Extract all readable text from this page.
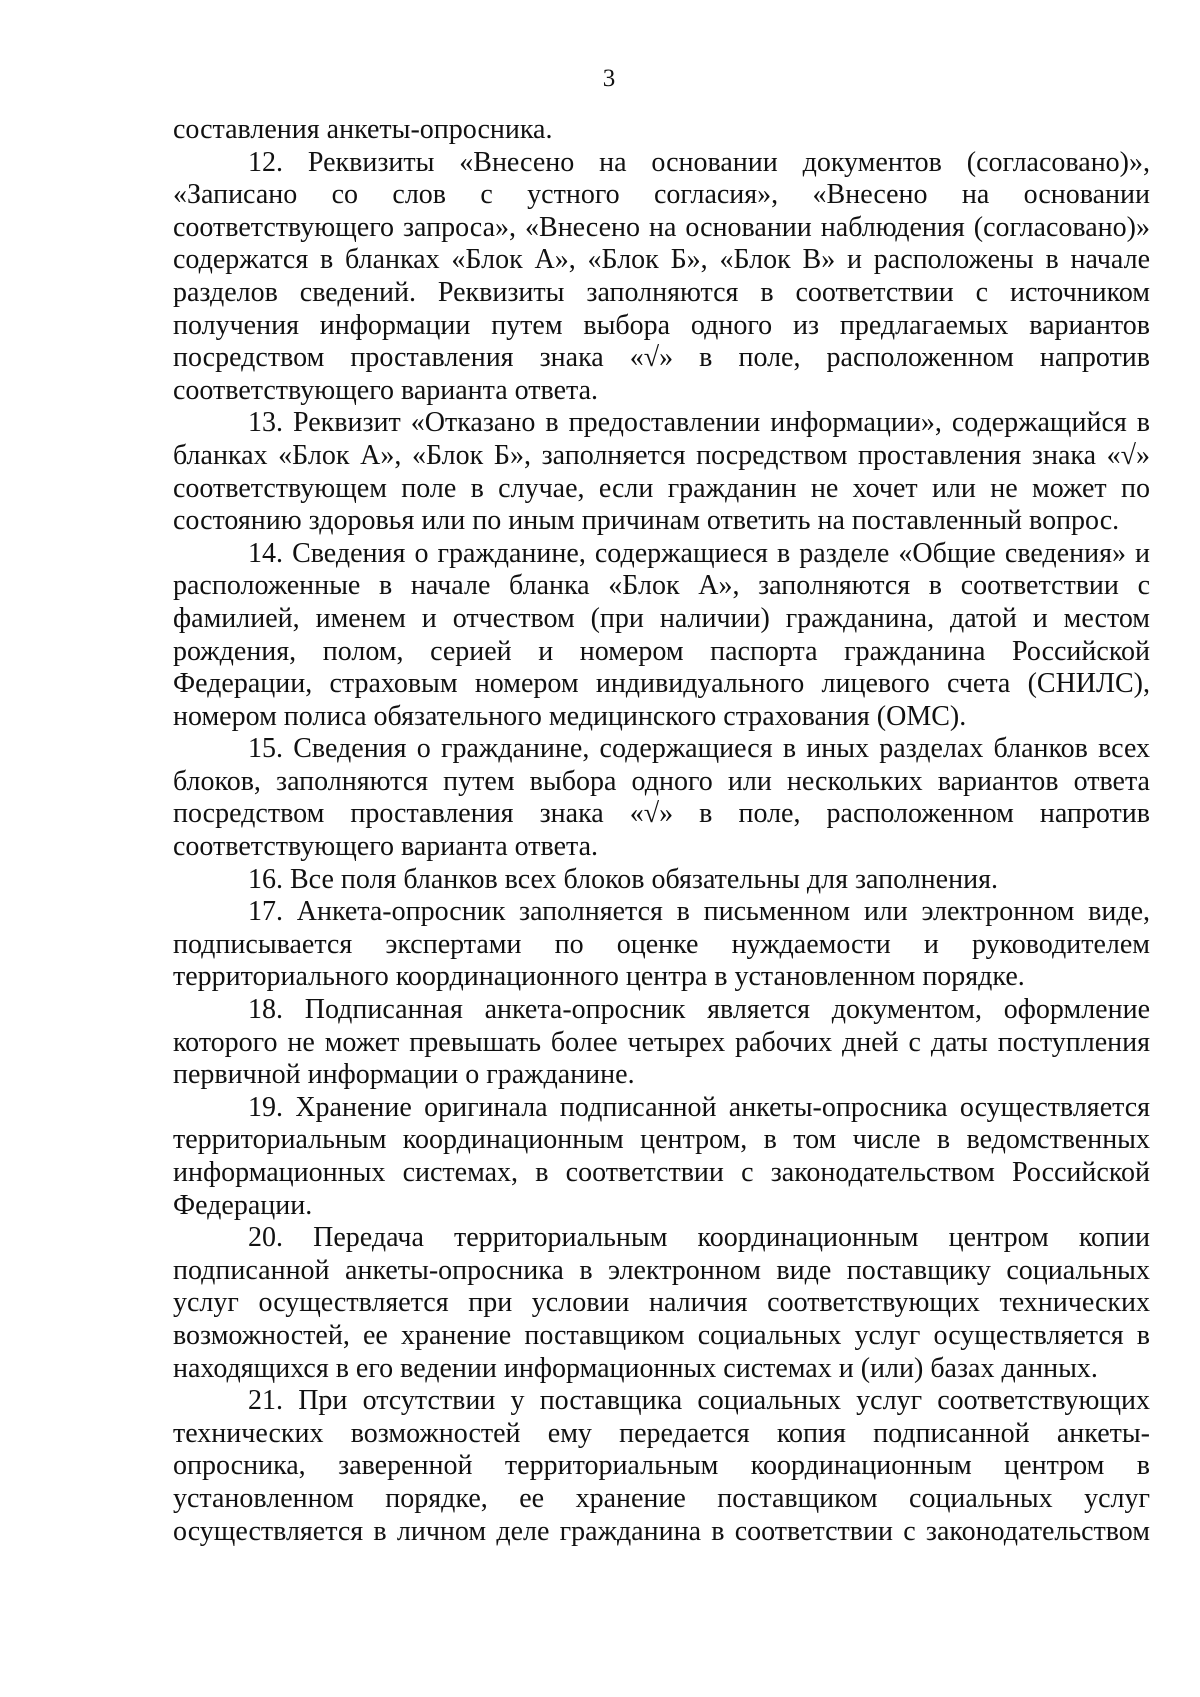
3

составления анкеты-опросника.

12. Реквизиты «Внесено на основании документов (согласовано)», «Записано со слов с устного согласия», «Внесено на основании соответствующего запроса», «Внесено на основании наблюдения (согласовано)» содержатся в бланках «Блок А», «Блок Б», «Блок В» и расположены в начале разделов сведений. Реквизиты заполняются в соответствии с источником получения информации путем выбора одного из предлагаемых вариантов посредством проставления знака «√» в поле, расположенном напротив соответствующего варианта ответа.

13. Реквизит «Отказано в предоставлении информации», содержащийся в бланках «Блок А», «Блок Б», заполняется посредством проставления знака «√» соответствующем поле в случае, если гражданин не хочет или не может по состоянию здоровья или по иным причинам ответить на поставленный вопрос.

14. Сведения о гражданине, содержащиеся в разделе «Общие сведения» и расположенные в начале бланка «Блок А», заполняются в соответствии с фамилией, именем и отчеством (при наличии) гражданина, датой и местом рождения, полом, серией и номером паспорта гражданина Российской Федерации, страховым номером индивидуального лицевого счета (СНИЛС), номером полиса обязательного медицинского страхования (ОМС).

15. Сведения о гражданине, содержащиеся в иных разделах бланков всех блоков, заполняются путем выбора одного или нескольких вариантов ответа посредством проставления знака «√» в поле, расположенном напротив соответствующего варианта ответа.

16. Все поля бланков всех блоков обязательны для заполнения.

17. Анкета-опросник заполняется в письменном или электронном виде, подписывается экспертами по оценке нуждаемости и руководителем территориального координационного центра в установленном порядке.

18. Подписанная анкета-опросник является документом, оформление которого не может превышать более четырех рабочих дней с даты поступления первичной информации о гражданине.

19. Хранение оригинала подписанной анкеты-опросника осуществляется территориальным координационным центром, в том числе в ведомственных информационных системах, в соответствии с законодательством Российской Федерации.

20. Передача территориальным координационным центром копии подписанной анкеты-опросника в электронном виде поставщику социальных услуг осуществляется при условии наличия соответствующих технических возможностей, ее хранение поставщиком социальных услуг осуществляется в находящихся в его ведении информационных системах и (или) базах данных.

21. При отсутствии у поставщика социальных услуг соответствующих технических возможностей ему передается копия подписанной анкеты-опросника, заверенной территориальным координационным центром в установленном порядке, ее хранение поставщиком социальных услуг осуществляется в личном деле гражданина в соответствии с законодательством
